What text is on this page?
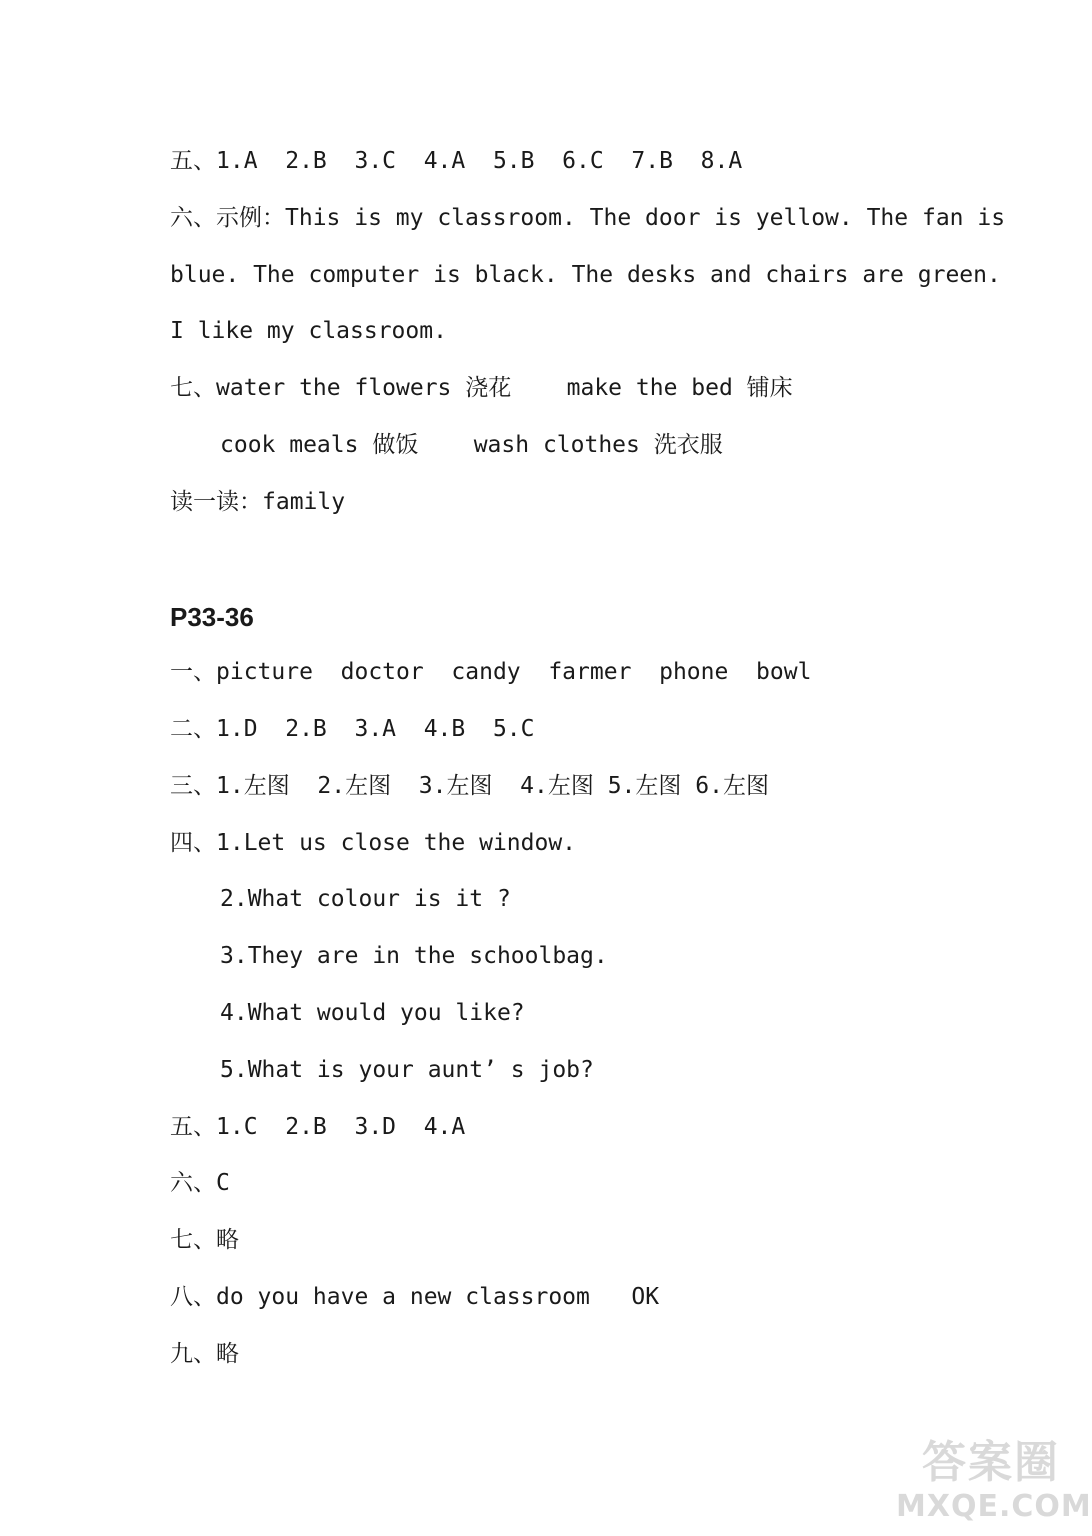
五、1.A  2.B  3.C  4.A  5.B  6.C  7.B  8.A
六、示例：This is my classroom. The door is yellow. The fan is
blue. The computer is black. The desks and chairs are green.
I like my classroom.
七、water the flowers 浇花    make the bed 铺床
cook meals 做饭    wash clothes 洗衣服
读一读：family
P33-36
一、picture  doctor  candy  farmer  phone  bowl
二、1.D  2.B  3.A  4.B  5.C
三、1.左图  2.左图  3.左图  4.左图 5.左图 6.左图
四、1.Let us close the window.
2.What colour is it ?
3.They are in the schoolbag.
4.What would you like?
5.What is your aunt’ s job?
五、1.C  2.B  3.D  4.A
六、C
七、略
八、do you have a new classroom   OK
九、略
答案圈
MXQE.COM
